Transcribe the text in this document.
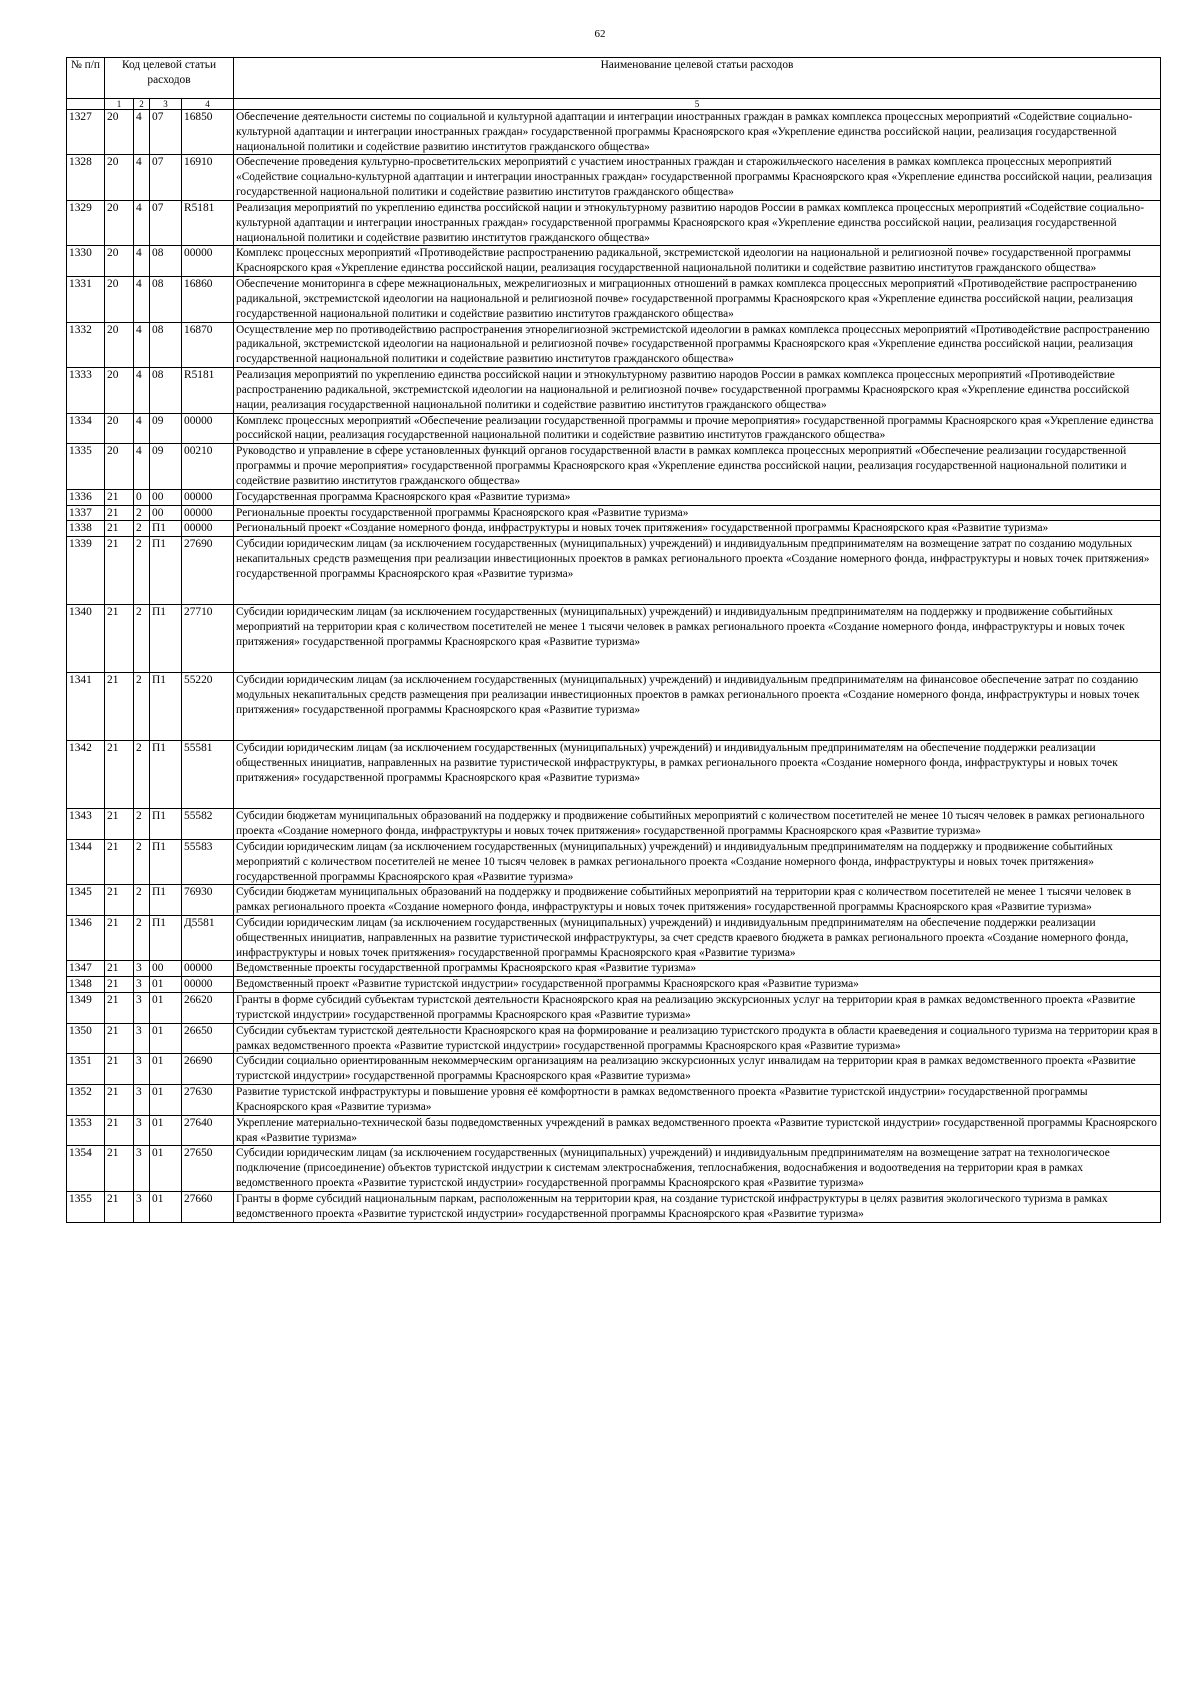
62
№ п/п	Код целевой статьи расходов				Наименование целевой статьи расходов

	1	2	3	4	5
1327	20	4	07	16850	Обеспечение деятельности системы по социальной и культурной адаптации и интеграции иностранных граждан в рамках комплекса процессных мероприятий «Содействие социально-культурной адаптации и интеграции иностранных граждан» государственной программы Красноярского края «Укрепление единства российской нации, реализация государственной национальной политики и содействие развитию институтов гражданского общества»
1328	20	4	07	16910	Обеспечение проведения культурно-просветительских мероприятий с участием иностранных граждан и старожильческого населения в рамках комплекса процессных мероприятий «Содействие социально-культурной адаптации и интеграции иностранных граждан» государственной программы Красноярского края «Укрепление единства российской нации, реализация государственной национальной политики и содействие развитию институтов гражданского общества»
1329	20	4	07	R5181	Реализация мероприятий по укреплению единства российской нации и этнокультурному развитию народов России в рамках комплекса процессных мероприятий «Содействие социально-культурной адаптации и интеграции иностранных граждан» государственной программы Красноярского края «Укрепление единства российской нации, реализация государственной национальной политики и содействие развитию институтов гражданского общества»
1330	20	4	08	00000	Комплекс процессных мероприятий «Противодействие распространению радикальной, экстремистской идеологии на национальной и религиозной почве» государственной программы Красноярского края «Укрепление единства российской нации, реализация государственной национальной политики и содействие развитию институтов гражданского общества»
1331	20	4	08	16860	Обеспечение мониторинга в сфере межнациональных, межрелигиозных и миграционных отношений в рамках комплекса процессных мероприятий «Противодействие распространению радикальной, экстремистской идеологии на национальной и религиозной почве» государственной программы Красноярского края «Укрепление единства российской нации, реализация государственной национальной политики и содействие развитию институтов гражданского общества»
1332	20	4	08	16870	Осуществление мер по противодействию распространения этнорелигиозной экстремистской идеологии в рамках комплекса процессных мероприятий «Противодействие распространению радикальной, экстремистской идеологии на национальной и религиозной почве» государственной программы Красноярского края «Укрепление единства российской нации, реализация государственной национальной политики и содействие развитию институтов гражданского общества»
1333	20	4	08	R5181	Реализация мероприятий по укреплению единства российской нации и этнокультурному развитию народов России в рамках комплекса процессных мероприятий «Противодействие распространению радикальной, экстремистской идеологии на национальной и религиозной почве» государственной программы Красноярского края «Укрепление единства российской нации, реализация государственной национальной политики и содействие развитию институтов гражданского общества»
1334	20	4	09	00000	Комплекс процессных мероприятий «Обеспечение реализации государственной программы и прочие мероприятия» государственной программы Красноярского края «Укрепление единства российской нации, реализация государственной национальной политики и содействие развитию институтов гражданского общества»
1335	20	4	09	00210	Руководство и управление в сфере установленных функций органов государственной власти в рамках комплекса процессных мероприятий «Обеспечение реализации государственной программы и прочие мероприятия» государственной программы Красноярского края «Укрепление единства российской нации, реализация государственной национальной политики и содействие развитию институтов гражданского общества»
1336	21	0	00	00000	Государственная программа Красноярского края «Развитие туризма»
1337	21	2	00	00000	Региональные проекты государственной программы Красноярского края «Развитие туризма»
1338	21	2	П1	00000	Региональный проект «Создание номерного фонда, инфраструктуры и новых точек притяжения» государственной программы Красноярского края «Развитие туризма»
1339	21	2	П1	27690	Субсидии юридическим лицам (за исключением государственных (муниципальных) учреждений) и индивидуальным предпринимателям на возмещение затрат по созданию модульных некапитальных средств размещения при реализации инвестиционных проектов в рамках регионального проекта «Создание номерного фонда, инфраструктуры и новых точек притяжения» государственной программы Красноярского края «Развитие туризма»
1340	21	2	П1	27710	Субсидии юридическим лицам (за исключением государственных (муниципальных) учреждений) и индивидуальным предпринимателям на поддержку и продвижение событийных мероприятий на территории края с количеством посетителей не менее 1 тысячи человек в рамках регионального проекта «Создание номерного фонда, инфраструктуры и новых точек притяжения» государственной программы Красноярского края «Развитие туризма»
1341	21	2	П1	55220	Субсидии юридическим лицам (за исключением государственных (муниципальных) учреждений) и индивидуальным предпринимателям на финансовое обеспечение затрат по созданию модульных некапитальных средств размещения при реализации инвестиционных проектов в рамках регионального проекта «Создание номерного фонда, инфраструктуры и новых точек притяжения» государственной программы Красноярского края «Развитие туризма»
1342	21	2	П1	55581	Субсидии юридическим лицам (за исключением государственных (муниципальных) учреждений) и индивидуальным предпринимателям на обеспечение поддержки реализации общественных инициатив, направленных на развитие туристической инфраструктуры, в рамках регионального проекта «Создание номерного фонда, инфраструктуры и новых точек притяжения» государственной программы Красноярского края «Развитие туризма»
1343	21	2	П1	55582	Субсидии бюджетам муниципальных образований на поддержку и продвижение событийных мероприятий с количеством посетителей не менее 10 тысяч человек в рамках регионального проекта «Создание номерного фонда, инфраструктуры и новых точек притяжения» государственной программы Красноярского края «Развитие туризма»
1344	21	2	П1	55583	Субсидии юридическим лицам (за исключением государственных (муниципальных) учреждений) и индивидуальным предпринимателям на поддержку и продвижение событийных мероприятий с количеством посетителей не менее 10 тысяч человек в рамках регионального проекта «Создание номерного фонда, инфраструктуры и новых точек притяжения» государственной программы Красноярского края «Развитие туризма»
1345	21	2	П1	76930	Субсидии бюджетам муниципальных образований на поддержку и продвижение событийных мероприятий на территории края с количеством посетителей не менее 1 тысячи человек в рамках регионального проекта «Создание номерного фонда, инфраструктуры и новых точек притяжения» государственной программы Красноярского края «Развитие туризма»
1346	21	2	П1	Д5581	Субсидии юридическим лицам (за исключением государственных (муниципальных) учреждений) и индивидуальным предпринимателям на обеспечение поддержки реализации общественных инициатив, направленных на развитие туристической инфраструктуры, за счет средств краевого бюджета в рамках регионального проекта «Создание номерного фонда, инфраструктуры и новых точек притяжения» государственной программы Красноярского края «Развитие туризма»
1347	21	3	00	00000	Ведомственные проекты государственной программы Красноярского края «Развитие туризма»
1348	21	3	01	00000	Ведомственный проект «Развитие туристской индустрии» государственной программы Красноярского края «Развитие туризма»
1349	21	3	01	26620	Гранты в форме субсидий субъектам туристской деятельности Красноярского края на реализацию экскурсионных услуг на территории края в рамках ведомственного проекта «Развитие туристской индустрии» государственной программы Красноярского края «Развитие туризма»
1350	21	3	01	26650	Субсидии субъектам туристской деятельности Красноярского края на формирование и реализацию туристского продукта в области краеведения и социального туризма на территории края в рамках ведомственного проекта «Развитие туристской индустрии» государственной программы Красноярского края «Развитие туризма»
1351	21	3	01	26690	Субсидии социально ориентированным некоммерческим организациям на реализацию экскурсионных услуг инвалидам на территории края в рамках ведомственного проекта «Развитие туристской индустрии» государственной программы Красноярского края «Развитие туризма»
1352	21	3	01	27630	Развитие туристской инфраструктуры и повышение уровня её комфортности в рамках ведомственного проекта «Развитие туристской индустрии» государственной программы Красноярского края «Развитие туризма»
1353	21	3	01	27640	Укрепление материально-технической базы подведомственных учреждений в рамках ведомственного проекта «Развитие туристской индустрии» государственной программы Красноярского края «Развитие туризма»
1354	21	3	01	27650	Субсидии юридическим лицам (за исключением государственных (муниципальных) учреждений) и индивидуальным предпринимателям на возмещение затрат на технологическое подключение (присоединение) объектов туристской индустрии к системам электроснабжения, теплоснабжения, водоснабжения и водоотведения на территории края в рамках ведомственного проекта «Развитие туристской индустрии» государственной программы Красноярского края «Развитие туризма»
1355	21	3	01	27660	Гранты в форме субсидий национальным паркам, расположенным на территории края, на создание туристской инфраструктуры в целях развития экологического туризма в рамках ведомственного проекта «Развитие туристской индустрии» государственной программы Красноярского края «Развитие туризма»
